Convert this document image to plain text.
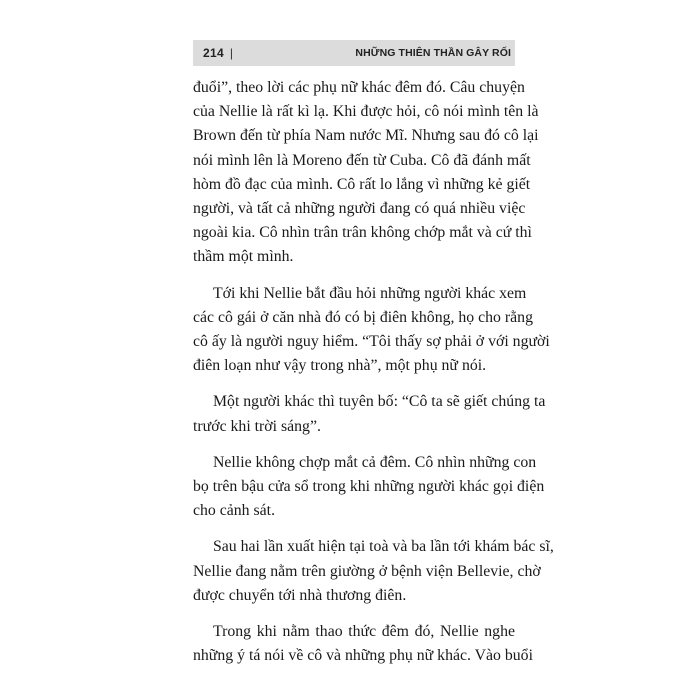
214 |	NHỮNG THIÊN THẦN GÂY RỐI
đuổi”, theo lời các phụ nữ khác đêm đó. Câu chuyện
của Nellie là rất kì lạ. Khi được hỏi, cô nói mình tên là
Brown đến từ phía Nam nước Mĩ. Nhưng sau đó cô lại
nói mình lên là Moreno đến từ Cuba. Cô đã đánh mất
hòm đồ đạc của mình. Cô rất lo lắng vì những kẻ giết
người, và tất cả những người đang có quá nhiều việc
ngoài kia. Cô nhìn trân trân không chớp mắt và cứ thì
thầm một mình.
Tới khi Nellie bắt đầu hỏi những người khác xem
các cô gái ở căn nhà đó có bị điên không, họ cho rằng
cô ấy là người nguy hiểm. “Tôi thấy sợ phải ở với người
điên loạn như vậy trong nhà”, một phụ nữ nói.
Một người khác thì tuyên bố: “Cô ta sẽ giết chúng ta
trước khi trời sáng”.
Nellie không chợp mắt cả đêm. Cô nhìn những con
bọ trên bậu cửa sổ trong khi những người khác gọi điện
cho cảnh sát.
Sau hai lần xuất hiện tại toà và ba lần tới khám bác sĩ,
Nellie đang nằm trên giường ở bệnh viện Bellevie, chờ
được chuyển tới nhà thương điên.
Trong khi nằm thao thức đêm đó, Nellie nghe
những ý tá nói về cô và những phụ nữ khác. Vào buổi
